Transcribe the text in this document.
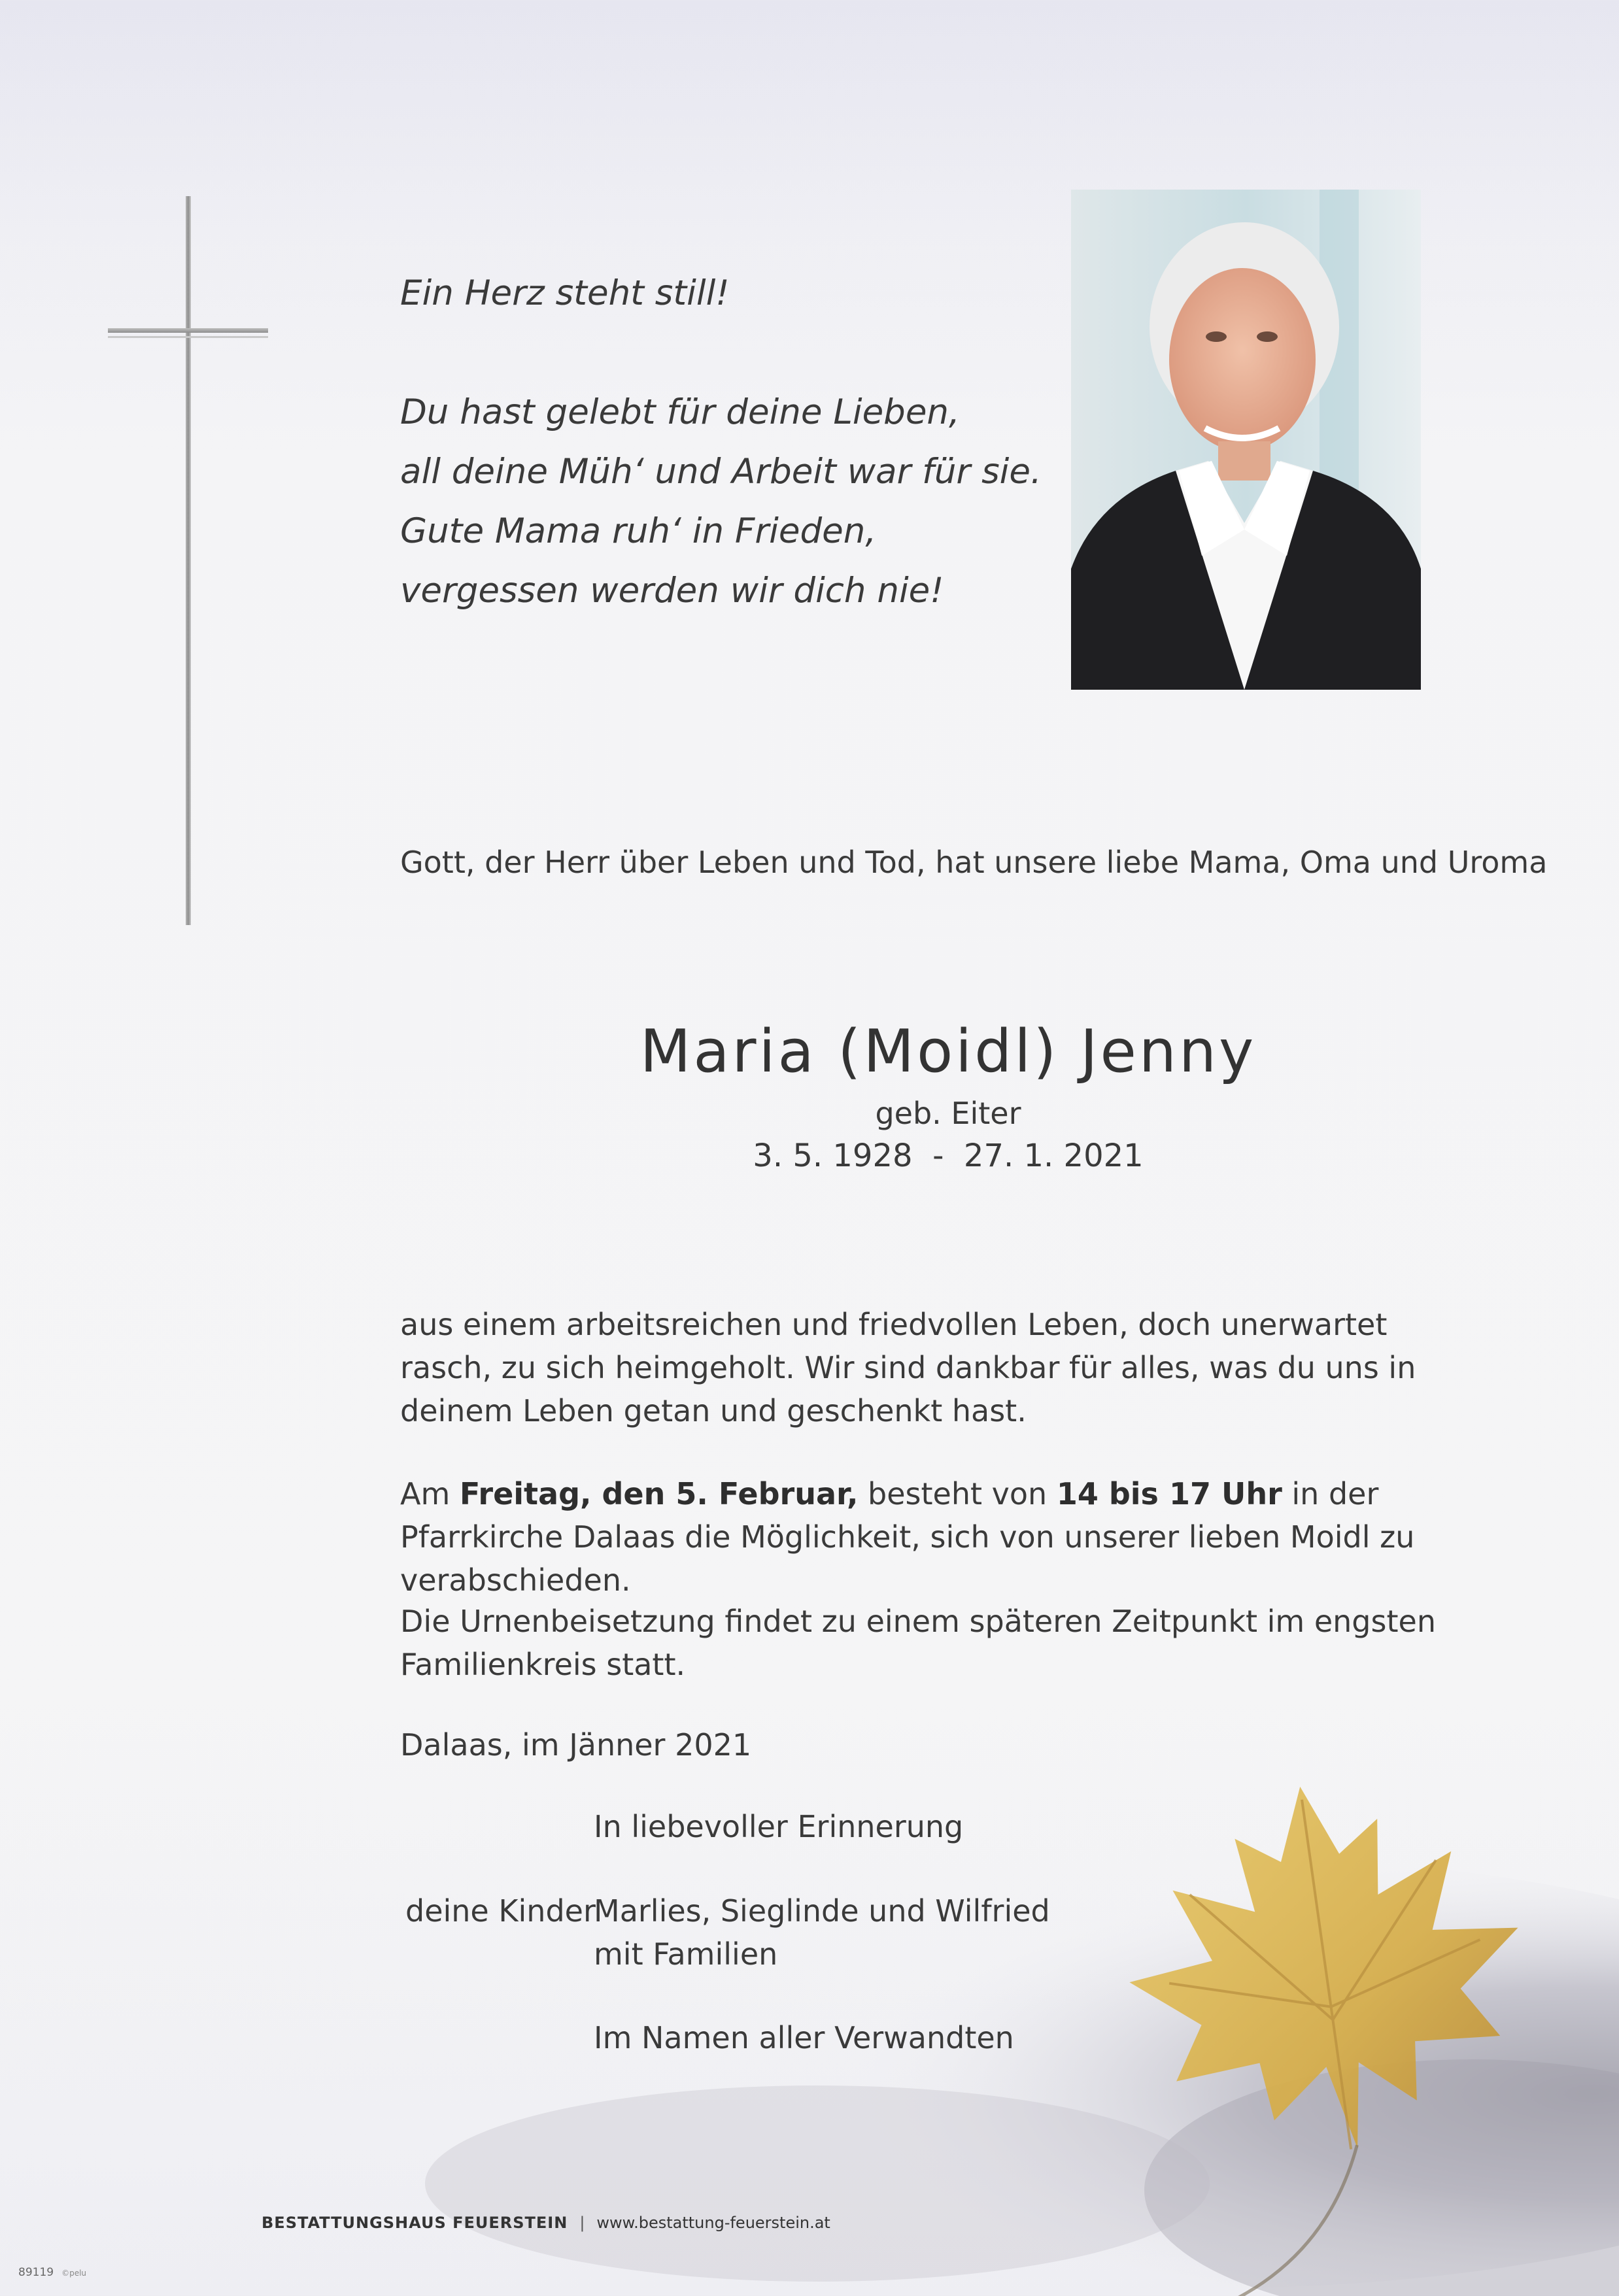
Ein Herz steht still!
Du hast gelebt für deine Lieben,
all deine Müh‘ und Arbeit war für sie.
Gute Mama ruh‘ in Frieden,
vergessen werden wir dich nie!
Gott, der Herr über Leben und Tod, hat unsere liebe Mama, Oma und Uroma
Maria (Moidl) Jenny
geb. Eiter
3. 5. 1928  -  27. 1. 2021
aus einem arbeitsreichen und friedvollen Leben, doch unerwartet rasch, zu sich heimgeholt. Wir sind dankbar für alles, was du uns in deinem Leben getan und geschenkt hast.
Am Freitag, den 5. Februar, besteht von 14 bis 17 Uhr in der Pfarrkirche Dalaas die Möglichkeit, sich von unserer lieben Moidl zu verabschieden.
Die Urnenbeisetzung findet zu einem späteren Zeitpunkt im engsten Familienkreis statt.
Dalaas, im Jänner 2021
In liebevoller Erinnerung
deine Kinder
Marlies, Sieglinde und Wilfried
mit Familien
Im Namen aller Verwandten
BESTATTUNGSHAUS FEUERSTEIN | www.bestattung-feuerstein.at
89119 ©pelu
